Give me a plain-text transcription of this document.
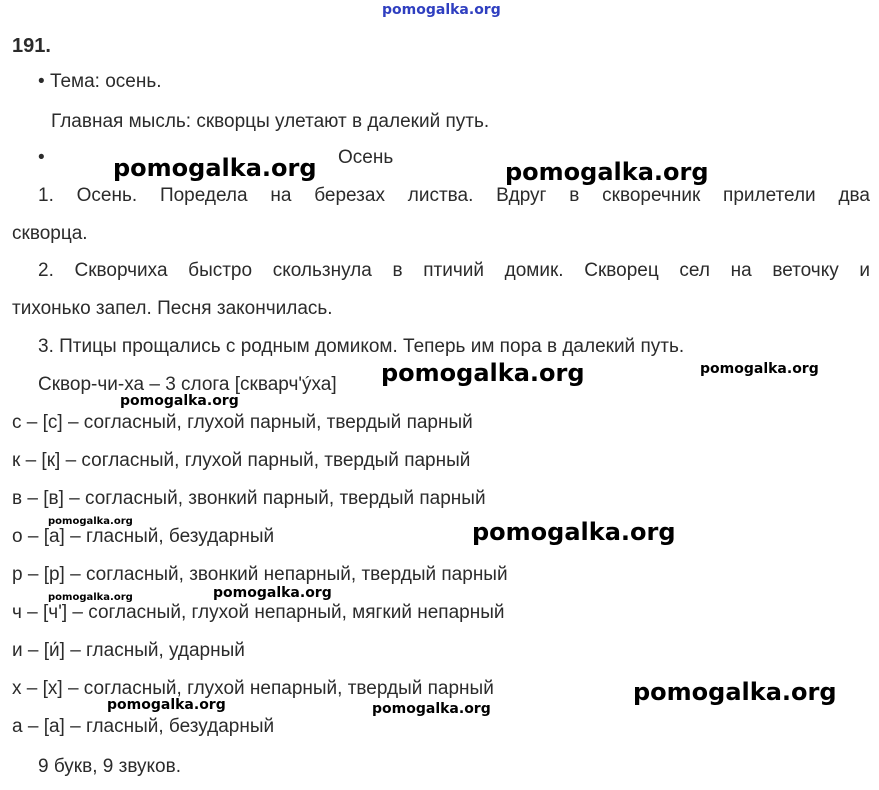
pomogalka.org
191.
• Тема: осень.
Главная мысль: скворцы улетают в далекий путь.
•	Осень
1. Осень. Поредела на березах листва. Вдруг в скворечник прилетели два
скворца.
2. Скворчиха быстро скользнула в птичий домик. Скворец сел на веточку и
тихонько запел. Песня закончилась.
3. Птицы прощались с родным домиком. Теперь им пора в далекий путь.
Сквор-чи-ха – 3 слога [скварч'ýха]
с – [с] – согласный, глухой парный, твердый парный
к – [к] – согласный, глухой парный, твердый парный
в – [в] – согласный, звонкий парный, твердый парный
о – [а] – гласный, безударный
р – [р] – согласный, звонкий непарный, твердый парный
ч – [ч'] – согласный, глухой непарный, мягкий непарный
и – [и́] – гласный, ударный
х – [х] – согласный, глухой непарный, твердый парный
а – [а] – гласный, безударный
9 букв, 9 звуков.
pomogalka.org	pomogalka.org
pomogalka.org	pomogalka.org
pomogalka.org
pomogalka.org	pomogalka.org
pomogalka.org	pomogalka.org
pomogalka.org
pomogalka.org	pomogalka.org
